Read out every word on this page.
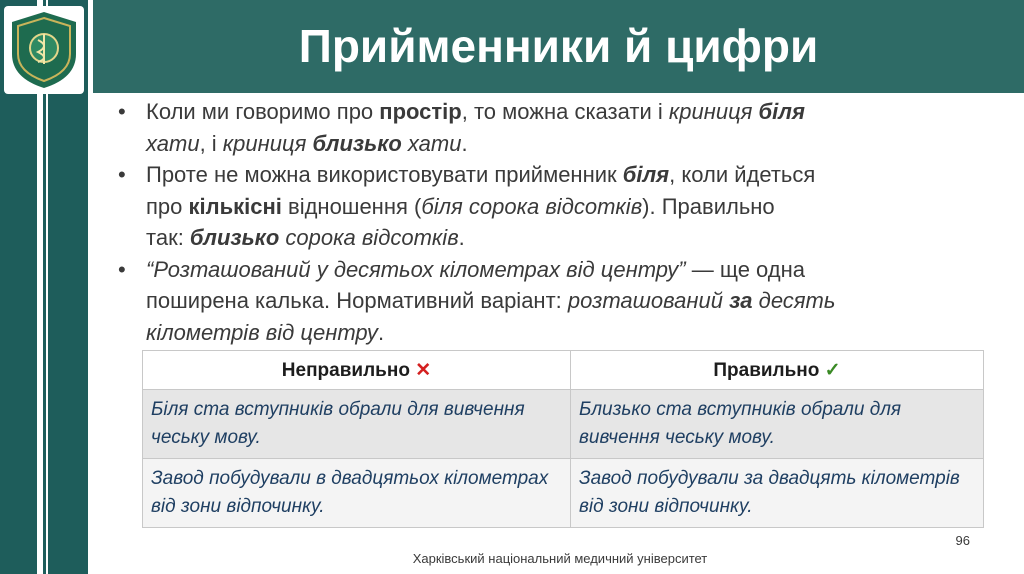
Прийменники й цифри
• Коли ми говоримо про простір, то можна сказати і криниця біля
хати, і криниця близько хати.
• Проте не можна використовувати прийменник біля, коли йдеться
про кількісні відношення (біля сорока відсотків). Правильно
так: близько сорока відсотків.
• “Розташований у десятьох кілометрах від центру” — ще одна
поширена калька. Нормативний варіант: розташований за десять
кілометрів від центру.
Неправильно ✕	Правильно ✓
Біля ста вступників обрали для вивчення чеську мову.	Близько ста вступників обрали для вивчення чеську мову.
Завод побудували в двадцятьох кілометрах від зони відпочинку.	Завод побудували за двадцять кілометрів від зони відпочинку.
96
Харківський національний медичний університет
